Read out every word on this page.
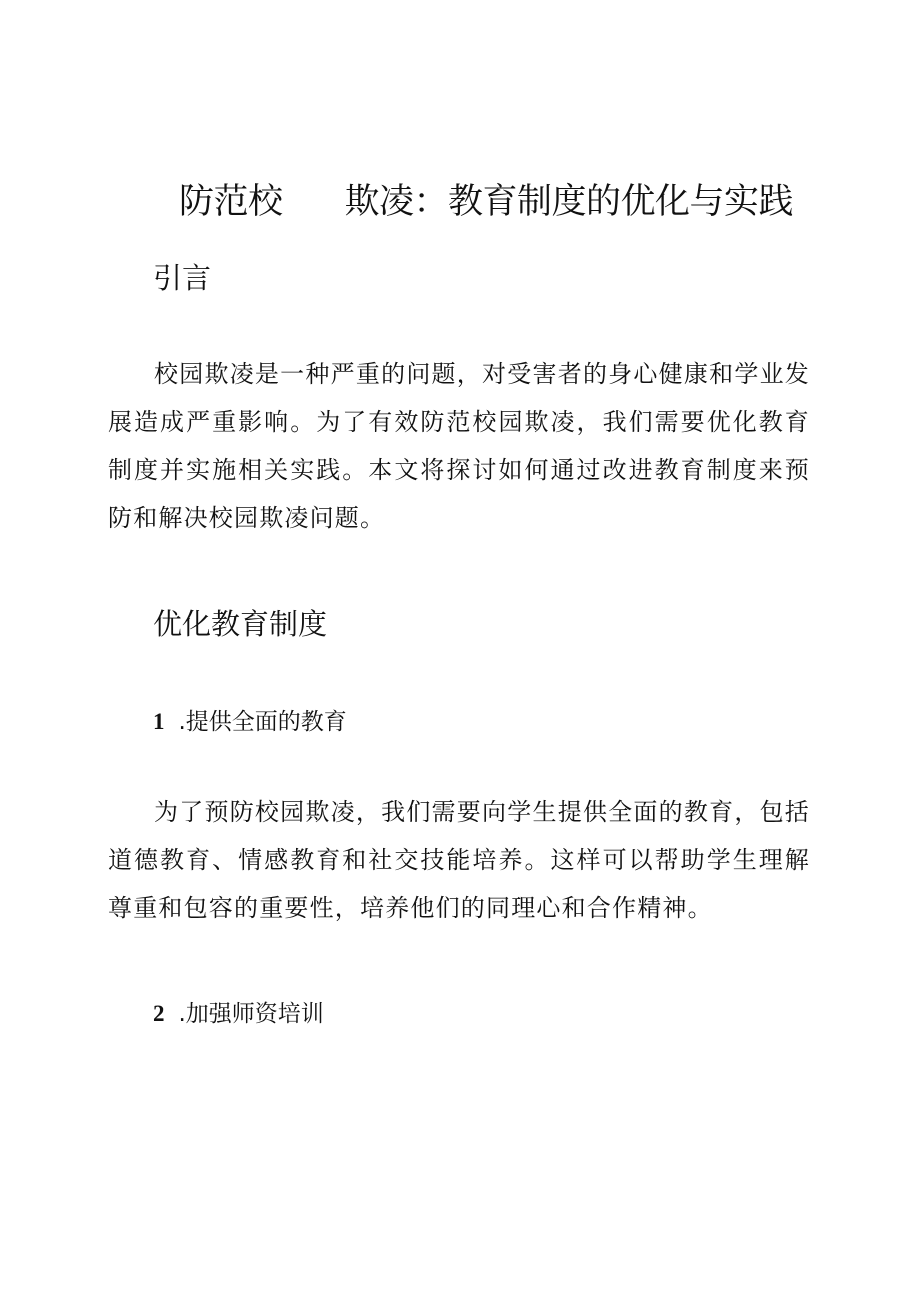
防范校 欺凌：教育制度的优化与实践
引言

校园欺凌是一种严重的问题，对受害者的身心健康和学业发展造成严重影响。为了有效防范校园欺凌，我们需要优化教育制度并实施相关实践。本文将探讨如何通过改进教育制度来预防和解决校园欺凌问题。

优化教育制度
1 .提供全面的教育

为了预防校园欺凌，我们需要向学生提供全面的教育，包括道德教育、情感教育和社交技能培养。这样可以帮助学生理解尊重和包容的重要性，培养他们的同理心和合作精神。

2 .加强师资培训
